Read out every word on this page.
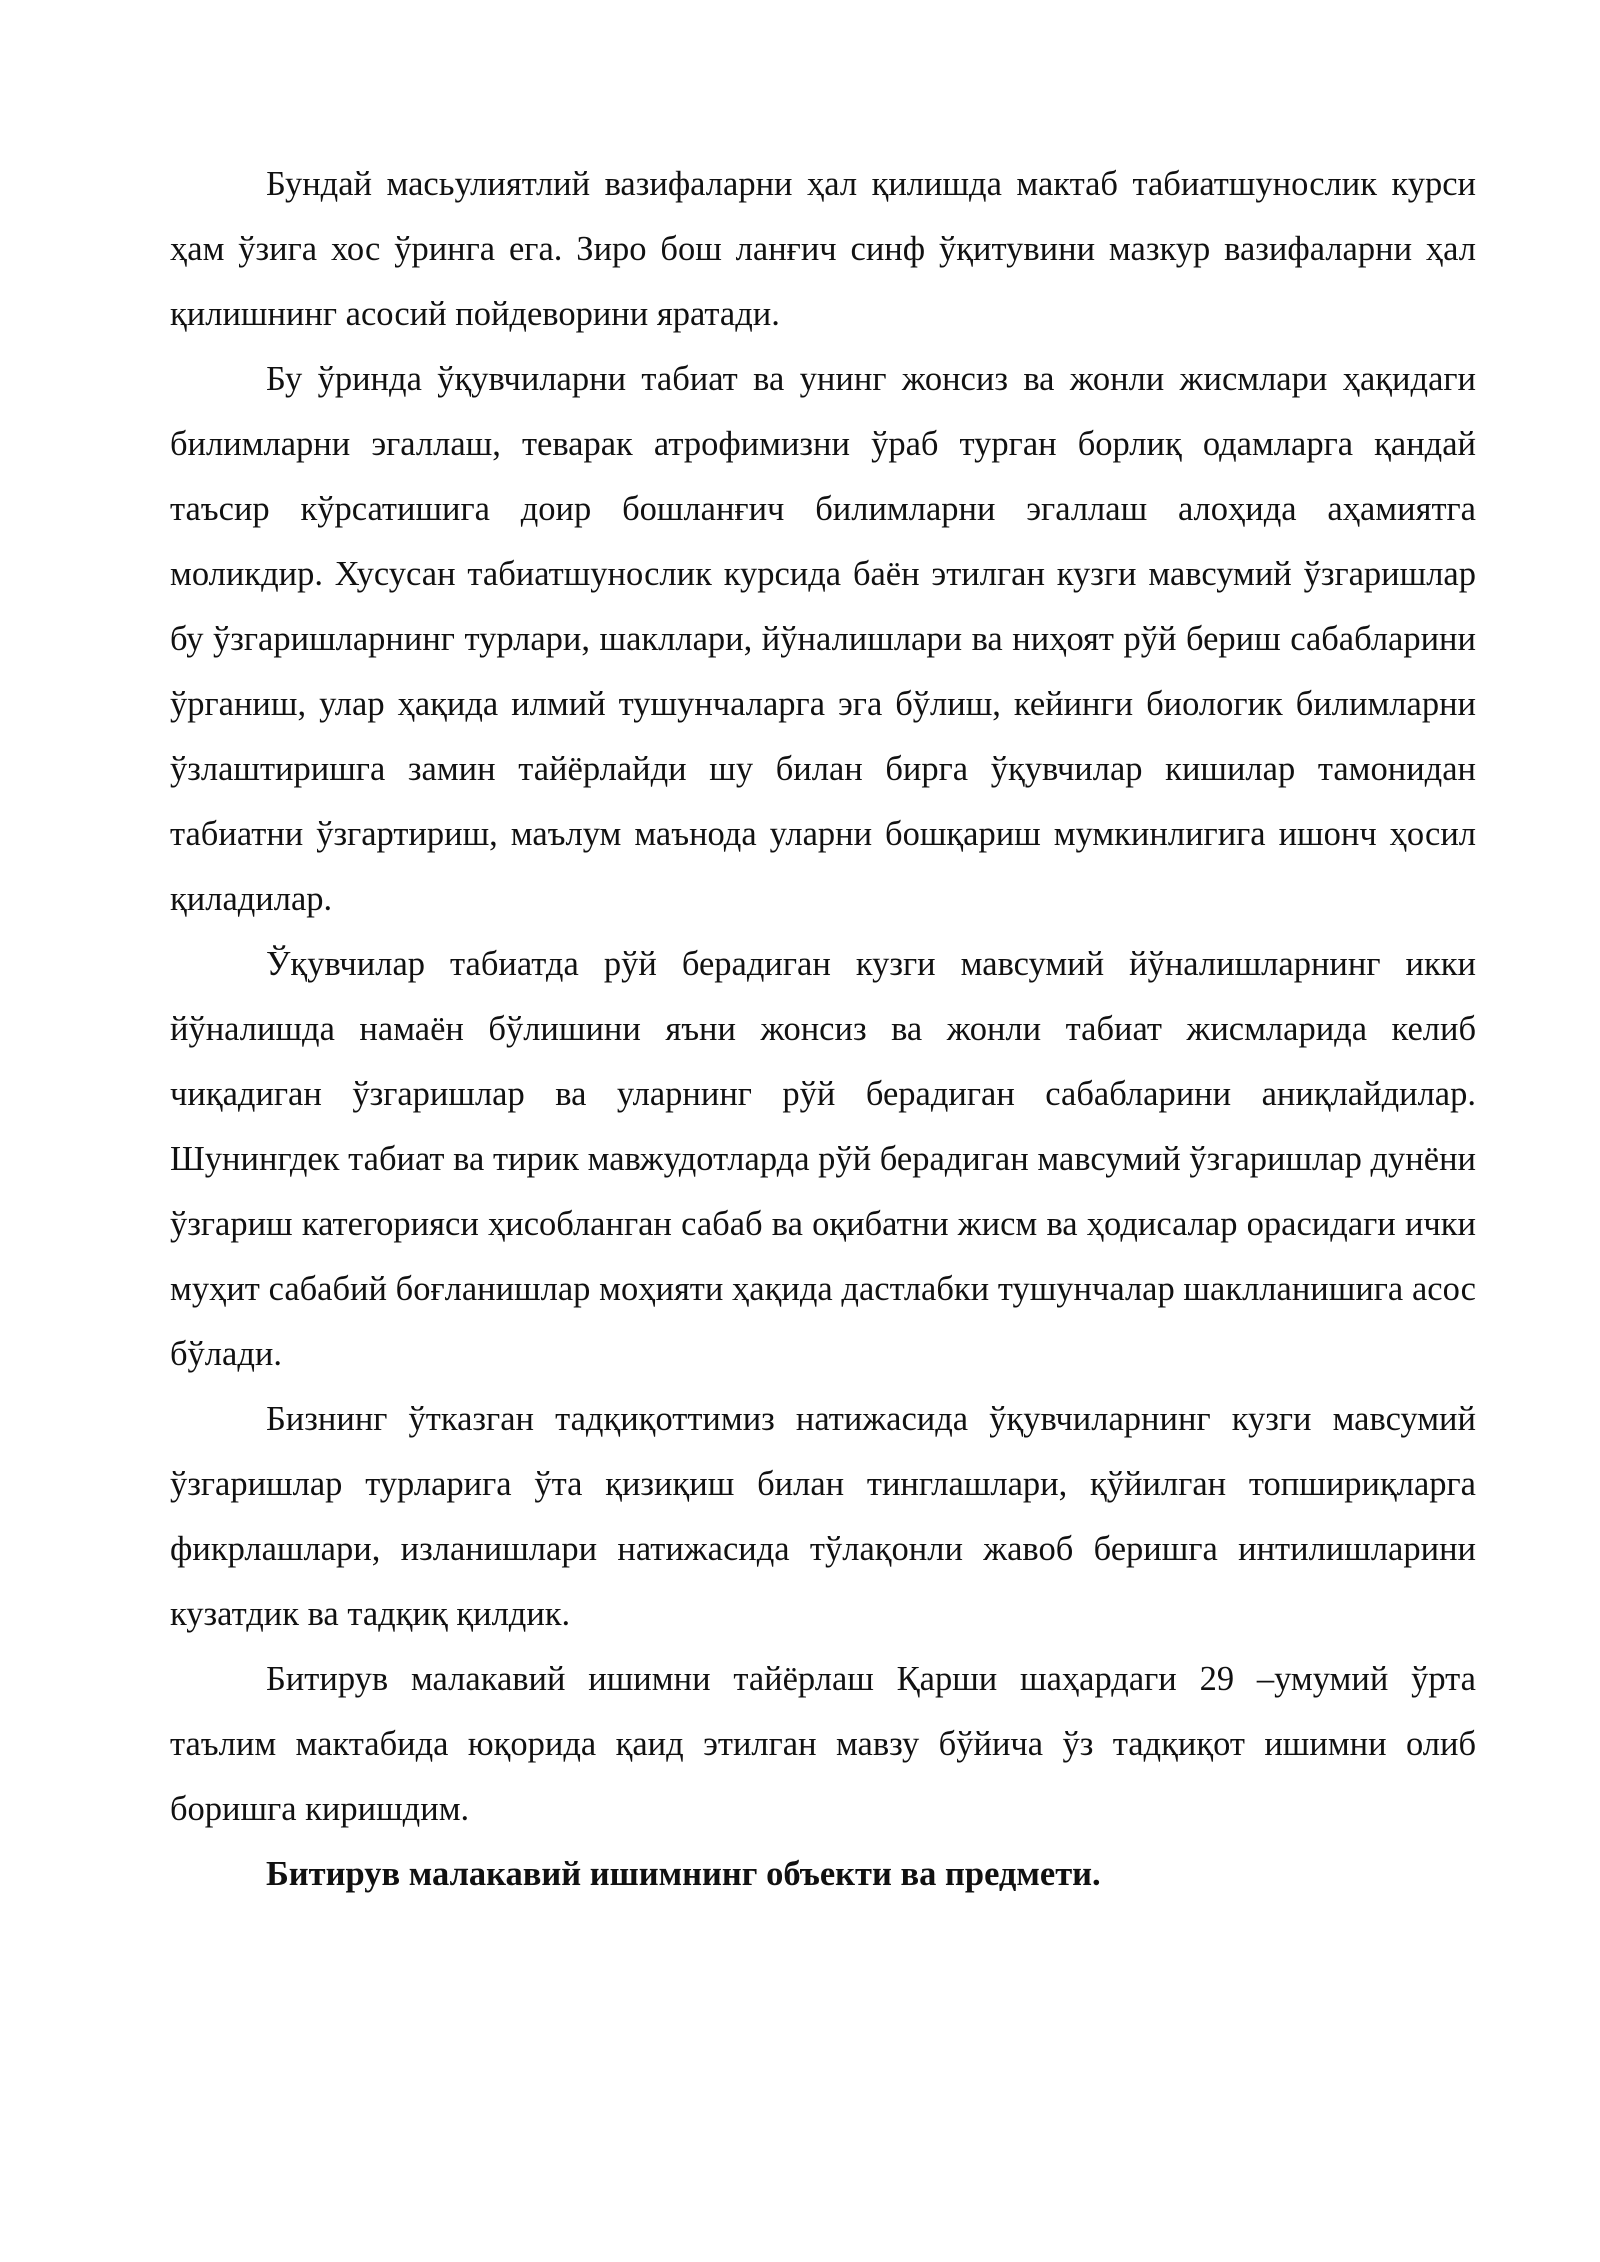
Бундай масьулиятлий вазифаларни ҳал қилишда мактаб табиатшунослик курси ҳам ўзига хос ўринга ега. Зиро бош ланғич синф ўқитувини мазкур вазифаларни ҳал қилишнинг асосий пойдеворини яратади.

Бу ўринда ўқувчиларни табиат ва унинг жонсиз ва жонли жисмлари ҳақидаги билимларни эгаллаш, теварак атрофимизни ўраб турган борлиқ одамларга қандай таъсир кўрсатишига доир бошланғич билимларни эгаллаш алоҳида аҳамиятга моликдир. Хусусан табиатшунослик курсида баён этилган кузги мавсумий ўзгаришлар бу ўзгаришларнинг турлари, шакллари, йўналишлари ва ниҳоят рўй бериш сабабларини ўрганиш, улар ҳақида илмий тушунчаларга эга бўлиш, кейинги биологик билимларни ўзлаштиришга замин тайёрлайди шу билан бирга ўқувчилар кишилар тамонидан табиатни ўзгартириш, маълум маънода уларни бошқариш мумкинлигига ишонч ҳосил қиладилар.

Ўқувчилар табиатда рўй берадиган кузги мавсумий йўналишларнинг икки йўналишда намаён бўлишини яъни жонсиз ва жонли табиат жисмларида келиб чиқадиган ўзгаришлар ва уларнинг рўй берадиган сабабларини аниқлайдилар. Шунингдек табиат ва тирик мавжудотларда рўй берадиган мавсумий ўзгаришлар дунёни ўзгариш категорияси ҳисобланган сабаб ва оқибатни жисм ва ҳодисалар орасидаги ички муҳит сабабий боғланишлар моҳияти ҳақида дастлабки тушунчалар шаклланишига асос бўлади.

Бизнинг ўтказган тадқиқоттимиз натижасида ўқувчиларнинг кузги мавсумий ўзгаришлар турларига ўта қизиқиш билан тинглашлари, қўйилган топшириқларга фикрлашлари, изланишлари натижасида тўлақонли жавоб беришга интилишларини кузатдик ва тадқиқ қилдик.

Битирув малакавий ишимни тайёрлаш Қарши шаҳардаги 29 –умумий ўрта таълим мактабида юқорида қаид этилган мавзу бўйича ўз тадқиқот ишимни олиб боришга киришдим.

Битирув малакавий ишимнинг объекти ва предмети.
